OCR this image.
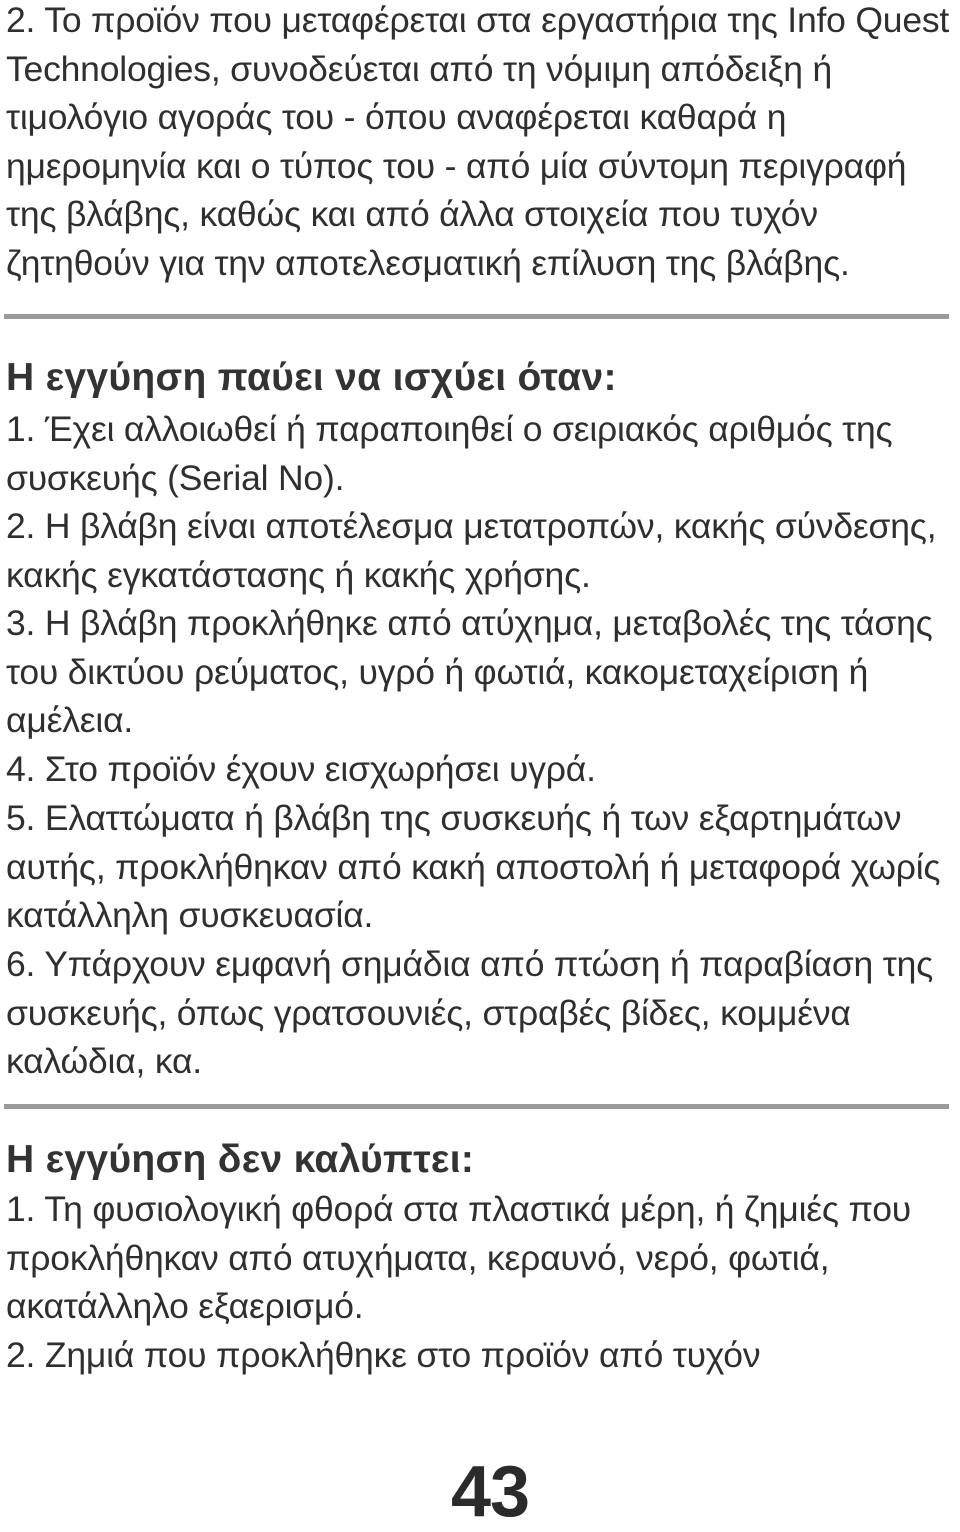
2. Το προϊόν που μεταφέρεται στα εργαστήρια της Info Quest Technologies, συνοδεύεται από τη νόμιμη απόδειξη ή τιμολόγιο αγοράς του - όπου αναφέρεται καθαρά η ημερομηνία και ο τύπος του - από μία σύντομη περιγραφή της βλάβης, καθώς και από άλλα στοιχεία που τυχόν ζητηθούν για την αποτελεσματική επίλυση της βλάβης.

Η εγγύηση παύει να ισχύει όταν:

1. Έχει αλλοιωθεί ή παραποιηθεί ο σειριακός αριθμός της συσκευής (Serial No).

2. Η βλάβη είναι αποτέλεσμα μετατροπών, κακής σύνδεσης, κακής εγκατάστασης ή κακής χρήσης.

3. Η βλάβη προκλήθηκε από ατύχημα, μεταβολές της τάσης του δικτύου ρεύματος, υγρό ή φωτιά, κακομεταχείριση ή αμέλεια.

4. Στο προϊόν έχουν εισχωρήσει υγρά.

5. Ελαττώματα ή βλάβη της συσκευής ή των εξαρτημάτων αυτής, προκλήθηκαν από κακή αποστολή ή μεταφορά χωρίς κατάλληλη συσκευασία.

6. Υπάρχουν εμφανή σημάδια από πτώση ή παραβίαση της συσκευής, όπως γρατσουνιές, στραβές βίδες, κομμένα καλώδια, κα.

Η εγγύηση δεν καλύπτει:

1. Τη φυσιολογική φθορά στα πλαστικά μέρη, ή ζημιές που προκλήθηκαν από ατυχήματα, κεραυνό, νερό, φωτιά, ακατάλληλο εξαερισμό.

2. Ζημιά που προκλήθηκε στο προϊόν από τυχόν

43
